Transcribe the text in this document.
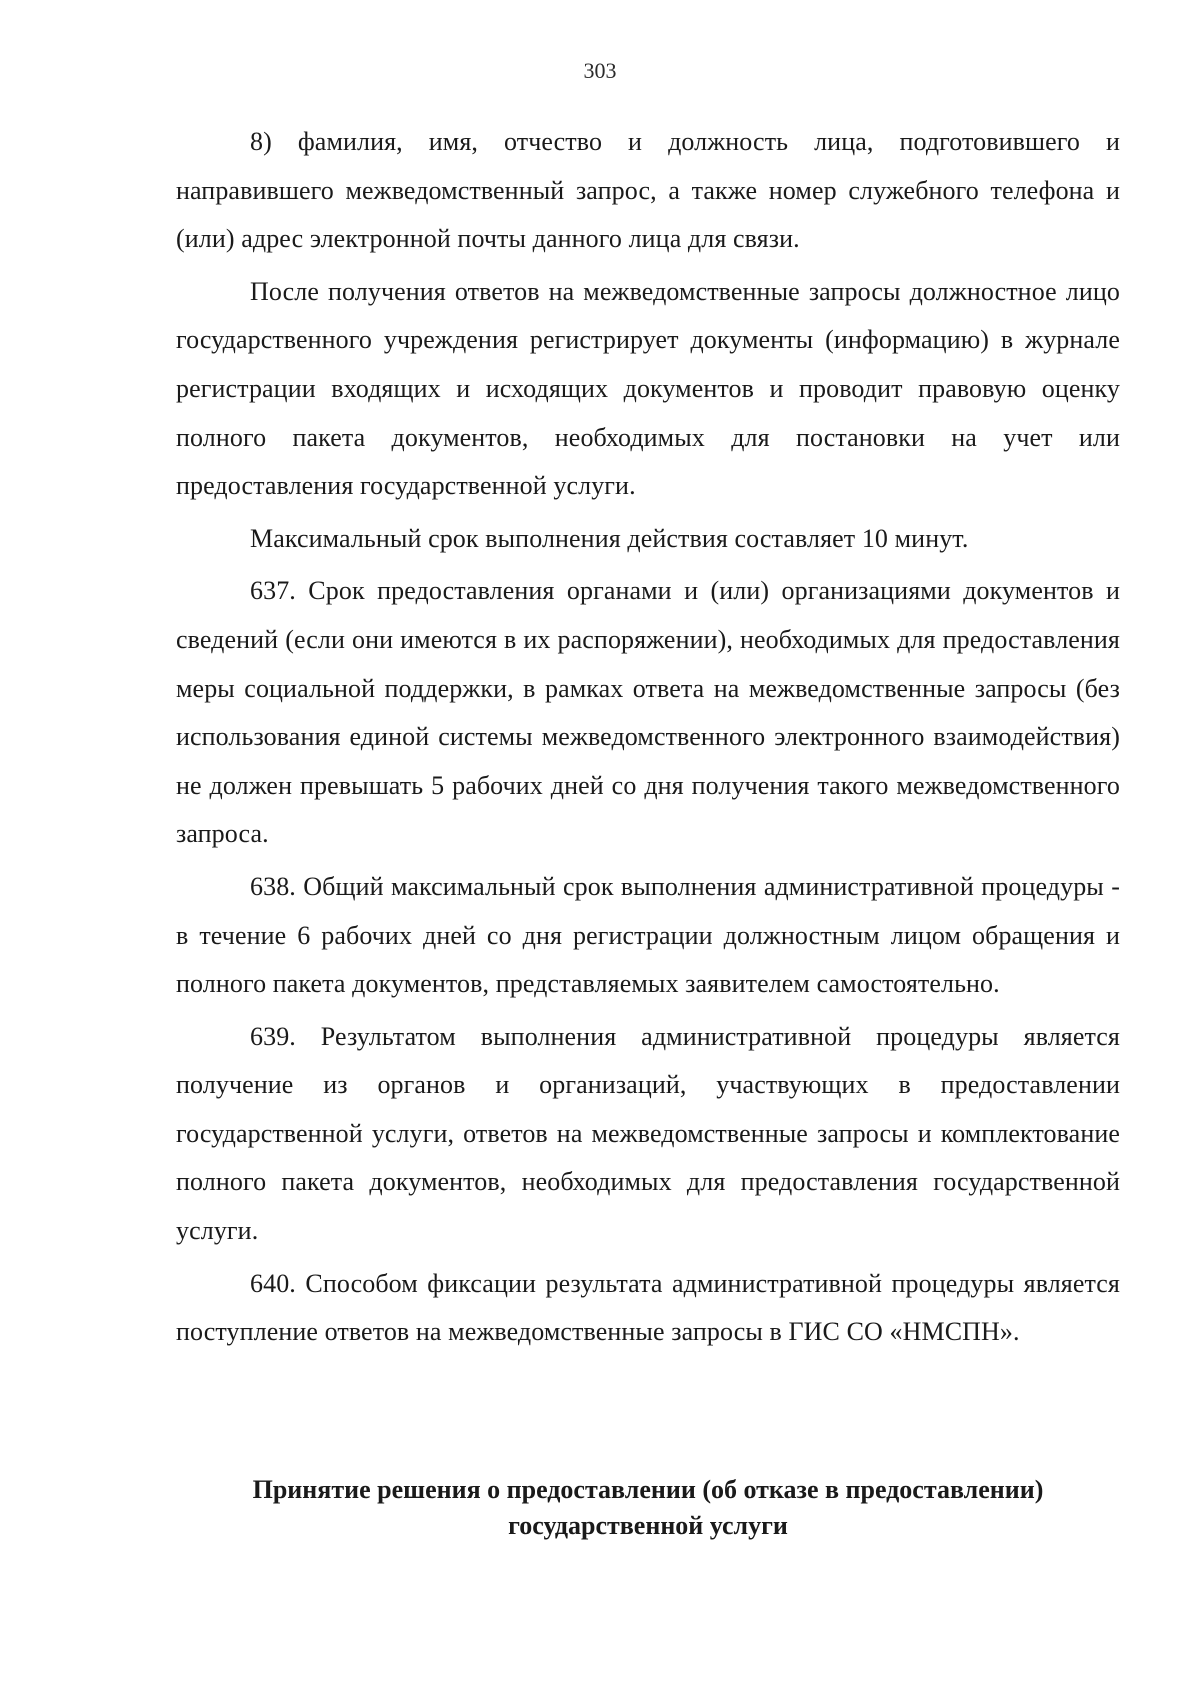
303

8) фамилия, имя, отчество и должность лица, подготовившего и направившего межведомственный запрос, а также номер служебного телефона и (или) адрес электронной почты данного лица для связи.

После получения ответов на межведомственные запросы должностное лицо государственного учреждения регистрирует документы (информацию) в журнале регистрации входящих и исходящих документов и проводит правовую оценку полного пакета документов, необходимых для постановки на учет или предоставления государственной услуги.

Максимальный срок выполнения действия составляет 10 минут.

637. Срок предоставления органами и (или) организациями документов и сведений (если они имеются в их распоряжении), необходимых для предоставления меры социальной поддержки, в рамках ответа на межведомственные запросы (без использования единой системы межведомственного электронного взаимодействия) не должен превышать 5 рабочих дней со дня получения такого межведомственного запроса.

638. Общий максимальный срок выполнения административной процедуры - в течение 6 рабочих дней со дня регистрации должностным лицом обращения и полного пакета документов, представляемых заявителем самостоятельно.

639. Результатом выполнения административной процедуры является получение из органов и организаций, участвующих в предоставлении государственной услуги, ответов на межведомственные запросы и комплектование полного пакета документов, необходимых для предоставления государственной услуги.

640. Способом фиксации результата административной процедуры является поступление ответов на межведомственные запросы в ГИС СО «НМСПН».

Принятие решения о предоставлении (об отказе в предоставлении)
государственной услуги
